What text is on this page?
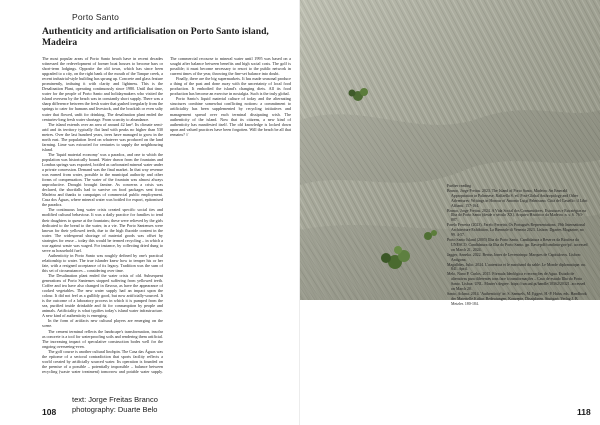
Porto Santo
Authenticity and artificialisation on Porto Santo island, Madeira

The most popular areas of Porto Santo beach have in recent decades witnessed the redevelopment of former boat houses to become bars or short-term lodgings. Opposite the old town, which has since been upgraded to a city, on the right bank of the mouth of the Tanque creek, a recent industrial-style building has sprung up. Concrete and glass feature prominently, imbuing it with clarity and lightness. This is the Desalination Plant, operating continuously since 1980. Until that time, water for the people of Porto Santo and holidaymakers who visited the island overseas by the beach was in constantly short supply. There was a sharp difference between the fresh water that gushed irregularly from the springs to cater for humans and livestock, and the brackish or even salty water that flowed, unfit for drinking. The desalination plant ended the centuries-long fresh water shortage. From scarcity to abundance.

The island extends over an area of around 42 km². Its climate semi-arid and its territory typically flat land with peaks no higher than 530 metres. Over the last hundred years, trees have managed to grow in the north east. The population lived on whatever was produced on the land farming. Lime was extracted for centuries to supply the neighbouring island.

The 'liquid material economy' was a paradox, and one to which the population was historically bound. Water drawn from the fountains and Lombas springs was exported, bottled as carbonated mineral water under a private concession. Demand was the final market. In that way revenue was earned from water, possible to the municipal authority and other forms of compensation. The water of the fountain was almost always unproductive. Drought brought famine. As concerns a crisis was declared, the shortfalls had to survive on food packages sent from Madeira and thanks to campaigns of commercial public employment. Casa dos Águas, where mineral water was bottled for export, epitomised the paradox.

The continuous long water crisis created specific social ties and modified cultural behaviour. It was a daily practice for families to tend their daughters to queue at the fountains; these were relieved by the girls dedicated to the bread to the water, in a vie. The Porto Santenses were known for their yellowed teeth, due to the high fluoride content in the water. The widespread shortage of material goods was offset by strategies for reuse – today this would be termed recycling – in which a war against waste was waged. For instance, by collecting dried dung to serve as household fuel.

Authenticity in Porto Santo was roughly defined by one's practical relationship to water. The true islander knew how to temper his or her fate, with a resigned acceptance of its legacy. Tradition was the sum of this set of circumstances – considering over time.

The Desalination plant ended the water crisis of old. Subsequent generations of Porto Santenses stopped suffering from yellowed teeth. Coffee and tea have also changed in flavour, as have the appearance of cooked vegetables. The new water supply had an impact upon the colour. It did not feel as a gullibly good, but now artificially-sourced. It is the outcome of a laboratory process in which it is pumped from the sea, purified inside drinkable and fit for consumption by people and animals. Artificiality is what typifies today's island water infrastructure. A new kind of authenticity is emerging.

In the form of artifacts new cultural players are emerging on the scene.

The cement terminal reflects the landscape's transformation, insofar as concrete is a tool for waterproofing soils and rendering them artificial. The increasing impact of speculative construction bodes well for the ongoing overseeing-even.

The golf course is another cultural linchpin. The Casa das Águas was the epitome of a sectoral contradiction that sports facility reflects a world created by artificially sourced water. Its operation is founded on the premise of a possible – potentially impossible – balance between recycling (waste water treatment) tomorrow and potable water supply. The commercial recourse to mineral water until 1995 was based on a sought after balance between benefits and high social costs. The golf is possible; it must become necessary to resort to the public network in current times of the year, throwing the fine-set balance into doubt.

Finally, there are the big supermarkets. It has made seasonal produce a thing of the past and done away with the uncertainty of local food production. It embodied the island's changing diets. All its food production has become an exercise in nostalgia. Such is the truly global.

Porto Santo's liquid material culture of today and the alternating structures combine somewhat conflicting notions: a commitment to artificiality has been supplemented by recycling initiatives and management spread over each terminal dissipating wish. The authenticity of the island. Now that its citizens, a new kind of authenticity has manifested itself. The old knowledge is locked down upon and valued practices have been forgotten. Will the beach be all that remains? //

text: Jorge Freitas Branco
photography: Duarte Belo
108	118

Further reading

Branco, Jorge Freitas. 2023. The Island of Porto Santo, Madeira: An Emerald Appropriation in Palimsese. Raffaella S. ed. Post-Global Anthropology and Other Adventures: Writings in Honour of Antonio Luigi Palmisano. Città del Castello: il Libri Affianti. 157-164.

Branco, Jorge Freitas. 2024. A Vida Social dos Consumidores. Estruturas e Estratégias na Ilha do Porto Santo (desde o século XX). Arquivo Histórico da Madeira. n. s. 6. 763-887.

Farelo Ferreira (2023). Farelo Ferreira. Os Português Representations. 19th International Architecture Exhibition, La Biennale di Venezia 2023. Lisbon: Dgartes Magazine, no 99. 4-57.

Porto Santo Island (2005) Ilha do Porto Santo. Candidatura a Reserva da Biosfera da UNESCO. Candidatura da Ilha do Porto Santo. gn. Ilava-pdf/candinta-gov/pt/. accessed on March 21, 2024.

Jagger, Anneka. 2022. Bertus Jones de Leventrinqu: Marques de Capitulovos. Lisbon: Antígona.

Magalhães, Julio. 2024. L'autentica et le marchand du sable. Le Monde diplomatique. no. 841. April.

Melo, Nuno P. Carlos. 2015. Fórmula Ideológica e recreações de Agua. Estudo de alterativas para diferentes tons face à transformações – Caso de estudo Ilha do Porto Santo. Lisboa: UNL. Master's degree. https://run.unl.pt/handle/10362/20321. accessed on March 20.

Santo, Ackma. 2014. 'Authenticity' in: S. Samuels, M. Eggert, H.-P. Hahn, eds. Handbook der Materielle Kultur. Bedeutungen, Konzepte, Disziplinen. Stuttgart: Verlag J. B. Metzler. 180-184.
